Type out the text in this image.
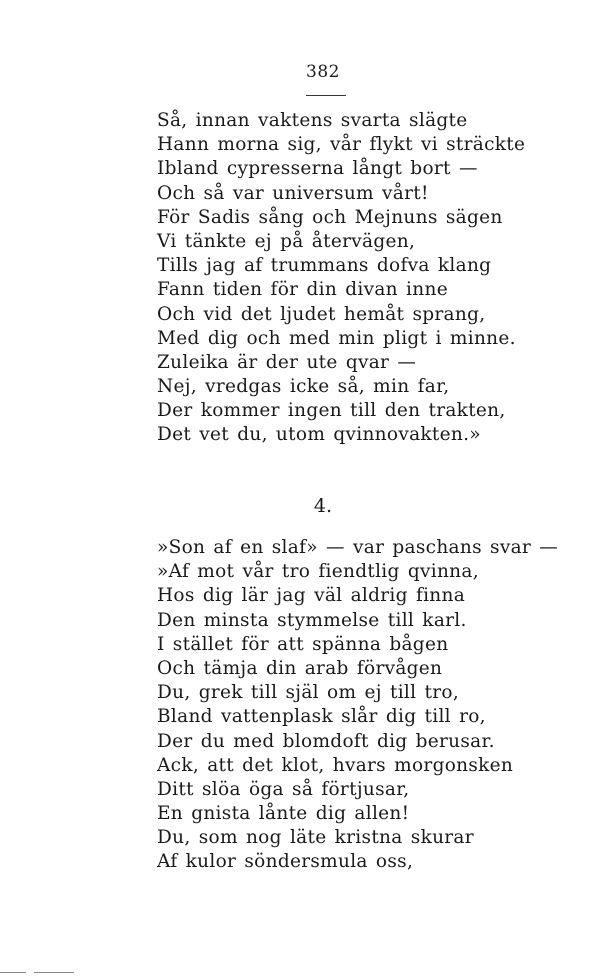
382
Så, innan vaktens svarta slägte
Hann morna sig, vår flykt vi sträckte
Ibland cypresserna långt bort —
Och så var universum vårt!
För Sadis sång och Mejnuns sägen
Vi tänkte ej på återvägen,
Tills jag af trummans dofva klang
Fann tiden för din divan inne
Och vid det ljudet hemåt sprang,
Med dig och med min pligt i minne.
Zuleika är der ute qvar —
Nej, vredgas icke så, min far,
Der kommer ingen till den trakten,
Det vet du, utom qvinnovakten.»
4.
»Son af en slaf» — var paschans svar —
»Af mot vår tro fiendtlig qvinna,
Hos dig lär jag väl aldrig finna
Den minsta stymmelse till karl.
I stället för att spänna bågen
Och tämja din arab förvågen
Du, grek till själ om ej till tro,
Bland vattenplask slår dig till ro,
Der du med blomdoft dig berusar.
Ack, att det klot, hvars morgonsken
Ditt slöa öga så förtjusar,
En gnista lånte dig allen!
Du, som nog läte kristna skurar
Af kulor söndersmula oss,
